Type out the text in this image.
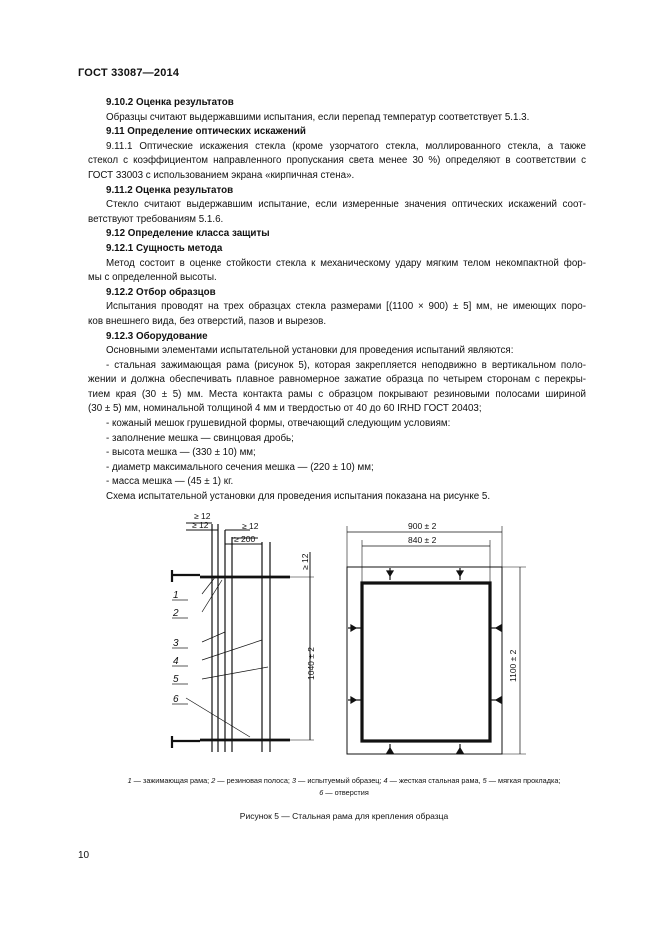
ГОСТ 33087—2014
9.10.2 Оценка результатов
Образцы считают выдержавшими испытания, если перепад температур соответствует 5.1.3.
9.11 Определение оптических искажений
9.11.1 Оптические искажения стекла (кроме узорчатого стекла, моллированного стекла, а также
стекол с коэффициентом направленного пропускания света менее 30 %) определяют в соответствии с
ГОСТ 33003 с использованием экрана «кирпичная стена».
9.11.2 Оценка результатов
Стекло считают выдержавшим испытание, если измеренные значения оптических искажений соот-
ветствуют требованиям 5.1.6.
9.12 Определение класса защиты
9.12.1 Сущность метода
Метод состоит в оценке стойкости стекла к механическому удару мягким телом некомпактной фор-
мы с определенной высоты.
9.12.2 Отбор образцов
Испытания проводят на трех образцах стекла размерами [(1100 × 900) ± 5] мм, не имеющих поро-
ков внешнего вида, без отверстий, пазов и вырезов.
9.12.3 Оборудование
Основными элементами испытательной установки для проведения испытаний являются:
- стальная зажимающая рама (рисунок 5), которая закрепляется неподвижно в вертикальном поло-
жении и должна обеспечивать плавное равномерное зажатие образца по четырем сторонам с перекры-
тием края (30 ± 5) мм. Места контакта рамы с образцом покрывают резиновыми полосами шириной
(30 ± 5) мм, номинальной толщиной 4 мм и твердостью от 40 до 60 IRHD ГОСТ 20403;
- кожаный мешок грушевидной формы, отвечающий следующим условиям:
- заполнение мешка — свинцовая дробь;
- высота мешка — (330 ± 10) мм;
- диаметр максимального сечения мешка — (220 ± 10) мм;
- масса мешка — (45 ± 1) кг.
Схема испытательной установки для проведения испытания показана на рисунке 5.
≥ 12
≥ 12	≥ 12
≥ 200
≥ 12
1040 ± 2
1
2
3
4
5
6
900 ± 2
840 ± 2
1100 ± 2
1 — зажимающая рама; 2 — резиновая полоса; 3 — испытуемый образец; 4 — жесткая стальная рама, 5 — мягкая прокладка;
6 — отверстия
Рисунок 5 — Стальная рама для крепления образца
10
